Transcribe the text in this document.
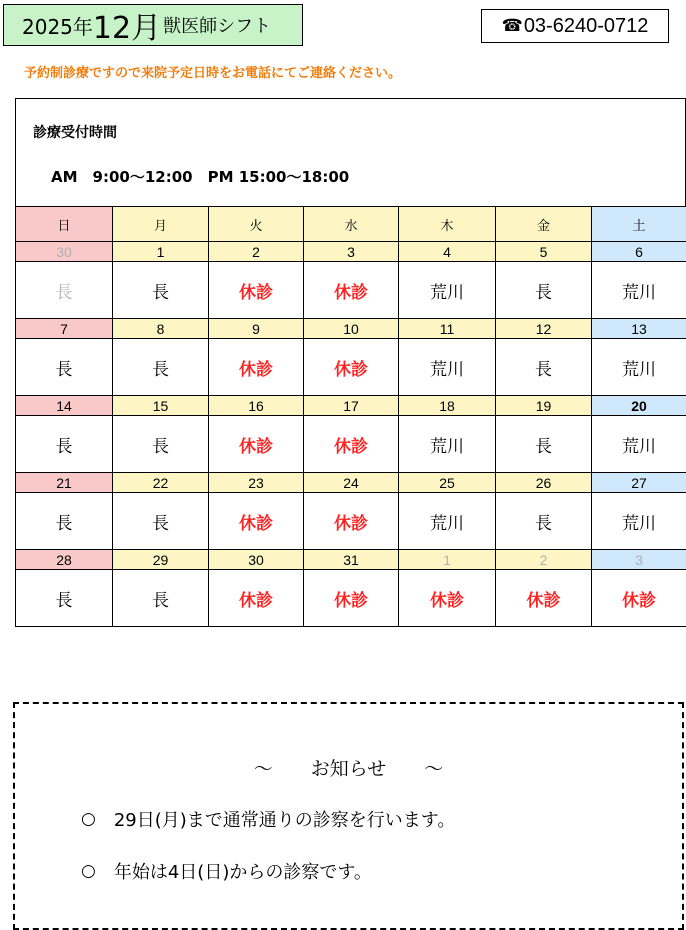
2025年 12月 獣医師シフト	☎ 03-6240-0712
予約制診療ですので来院予定日時をお電話にてご連絡ください。
診療受付時間
AM　9:00〜12:00　PM 15:00〜18:00
日	月	火	水	木	金	土
30	1	2	3	4	5	6
長	長	休診	休診	荒川	長	荒川
7	8	9	10	11	12	13
長	長	休診	休診	荒川	長	荒川
14	15	16	17	18	19	20
長	長	休診	休診	荒川	長	荒川
21	22	23	24	25	26	27
長	長	休診	休診	荒川	長	荒川
28	29	30	31	1	2	3
長	長	休診	休診	休診	休診	休診
〜　　お知らせ　　〜
○ 29日(月)まで通常通りの診察を行います。
○ 年始は4日(日)からの診察です。
